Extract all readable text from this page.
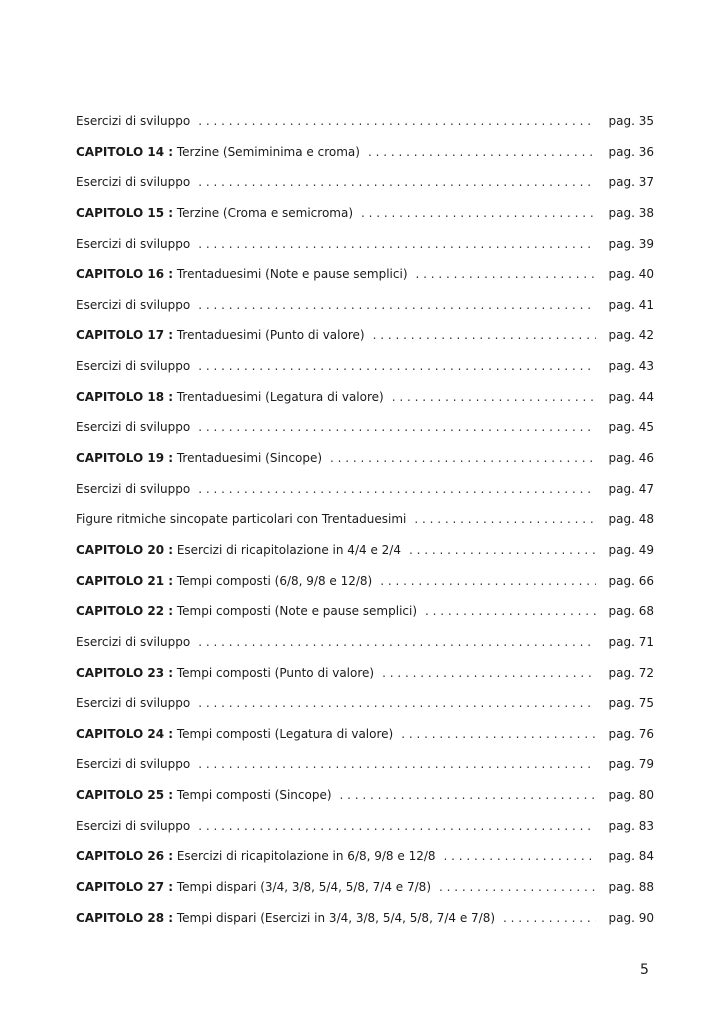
Esercizi di sviluppo . . .	pag. 35
CAPITOLO 14 : Terzine (Semiminima e croma) . . .	pag. 36
Esercizi di sviluppo . . .	pag. 37
CAPITOLO 15 : Terzine (Croma e semicroma) . . .	pag. 38
Esercizi di sviluppo . . .	pag. 39
CAPITOLO 16 : Trentaduesimi (Note e pause semplici) . . .	pag. 40
Esercizi di sviluppo . . .	pag. 41
CAPITOLO 17 : Trentaduesimi (Punto di valore) . . .	pag. 42
Esercizi di sviluppo . . .	pag. 43
CAPITOLO 18 : Trentaduesimi (Legatura di valore) . . .	pag. 44
Esercizi di sviluppo . . .	pag. 45
CAPITOLO 19 : Trentaduesimi (Sincope) . . .	pag. 46
Esercizi di sviluppo . . .	pag. 47
Figure ritmiche sincopate particolari con Trentaduesimi . . .	pag. 48
CAPITOLO 20 : Esercizi di ricapitolazione in 4/4 e 2/4 . . .	pag. 49
CAPITOLO 21 : Tempi composti (6/8, 9/8 e 12/8) . . .	pag. 66
CAPITOLO 22 : Tempi composti (Note e pause semplici) . . .	pag. 68
Esercizi di sviluppo . . .	pag. 71
CAPITOLO 23 : Tempi composti (Punto di valore) . . .	pag. 72
Esercizi di sviluppo . . .	pag. 75
CAPITOLO 24 : Tempi composti (Legatura di valore) . . .	pag. 76
Esercizi di sviluppo . . .	pag. 79
CAPITOLO 25 : Tempi composti (Sincope) . . .	pag. 80
Esercizi di sviluppo . . .	pag. 83
CAPITOLO 26 : Esercizi di ricapitolazione in 6/8, 9/8 e 12/8 . . .	pag. 84
CAPITOLO 27 : Tempi dispari (3/4, 3/8, 5/4, 5/8, 7/4 e 7/8) . . .	pag. 88
CAPITOLO 28 : Tempi dispari (Esercizi in 3/4, 3/8, 5/4, 5/8, 7/4 e 7/8) . . .	pag. 90
5
